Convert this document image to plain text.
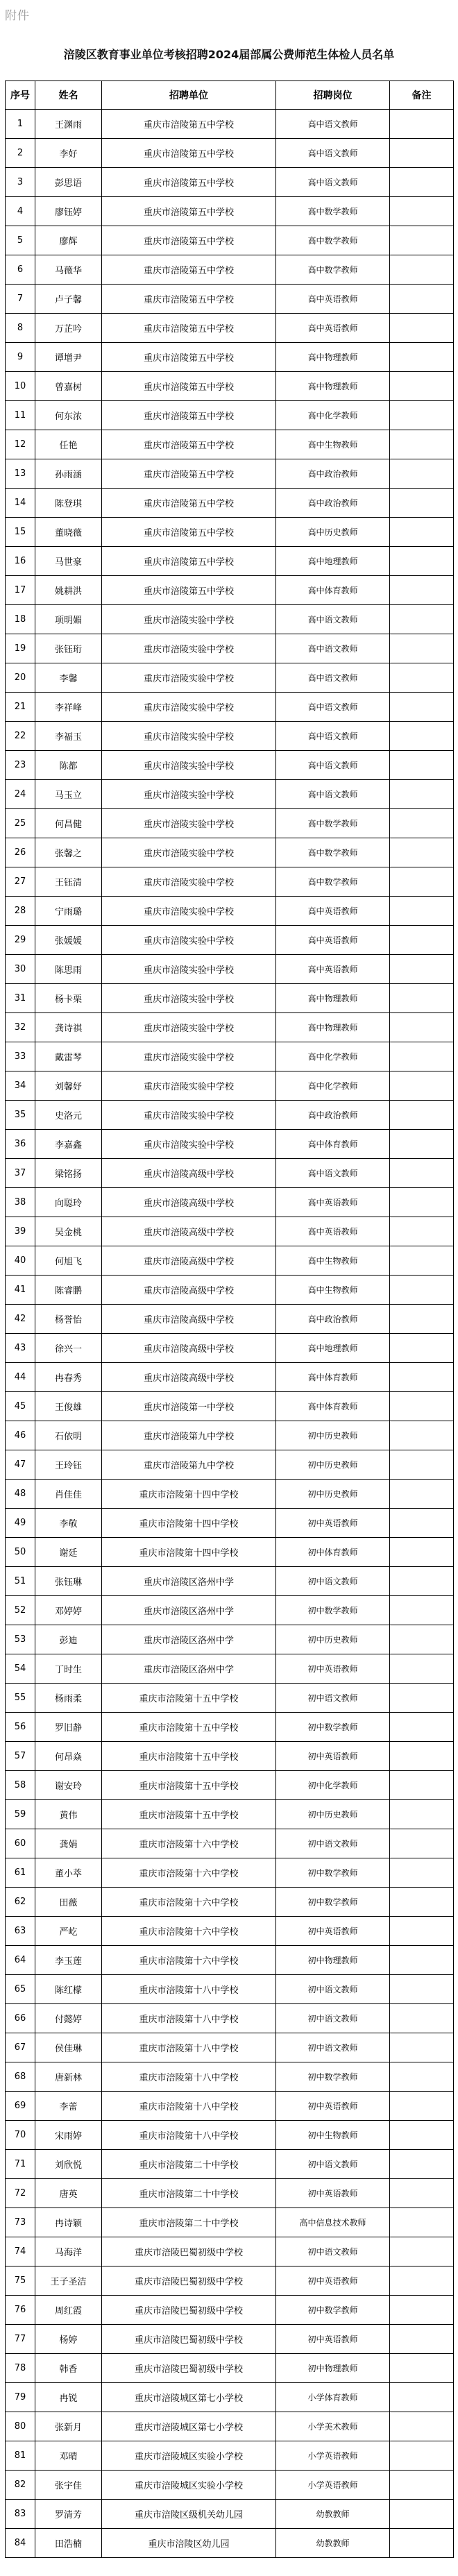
附件
涪陵区教育事业单位考核招聘2024届部属公费师范生体检人员名单
序号	姓名	招聘单位	招聘岗位	备注
1	王渊雨	重庆市涪陵第五中学校	高中语文教师	
2	李好	重庆市涪陵第五中学校	高中语文教师	
3	彭思语	重庆市涪陵第五中学校	高中语文教师	
4	廖钰婷	重庆市涪陵第五中学校	高中数学教师	
5	廖辉	重庆市涪陵第五中学校	高中数学教师	
6	马薇华	重庆市涪陵第五中学校	高中数学教师	
7	卢子馨	重庆市涪陵第五中学校	高中英语教师	
8	万芷吟	重庆市涪陵第五中学校	高中英语教师	
9	谭增尹	重庆市涪陵第五中学校	高中物理教师	
10	曾嘉树	重庆市涪陵第五中学校	高中物理教师	
11	何东浓	重庆市涪陵第五中学校	高中化学教师	
12	任艳	重庆市涪陵第五中学校	高中生物教师	
13	孙雨涵	重庆市涪陵第五中学校	高中政治教师	
14	陈登琪	重庆市涪陵第五中学校	高中政治教师	
15	董晓薇	重庆市涪陵第五中学校	高中历史教师	
16	马世豪	重庆市涪陵第五中学校	高中地理教师	
17	姚耕洪	重庆市涪陵第五中学校	高中体育教师	
18	项明媚	重庆市涪陵实验中学校	高中语文教师	
19	张钰珩	重庆市涪陵实验中学校	高中语文教师	
20	李馨	重庆市涪陵实验中学校	高中语文教师	
21	李祥峰	重庆市涪陵实验中学校	高中语文教师	
22	李福玉	重庆市涪陵实验中学校	高中语文教师	
23	陈都	重庆市涪陵实验中学校	高中语文教师	
24	马玉立	重庆市涪陵实验中学校	高中语文教师	
25	何昌健	重庆市涪陵实验中学校	高中数学教师	
26	张馨之	重庆市涪陵实验中学校	高中数学教师	
27	王钰清	重庆市涪陵实验中学校	高中数学教师	
28	宁雨璐	重庆市涪陵实验中学校	高中英语教师	
29	张媛媛	重庆市涪陵实验中学校	高中英语教师	
30	陈思雨	重庆市涪陵实验中学校	高中英语教师	
31	杨卡栗	重庆市涪陵实验中学校	高中物理教师	
32	龚诗祺	重庆市涪陵实验中学校	高中物理教师	
33	戴雷琴	重庆市涪陵实验中学校	高中化学教师	
34	刘馨妤	重庆市涪陵实验中学校	高中化学教师	
35	史洛元	重庆市涪陵实验中学校	高中政治教师	
36	李嘉鑫	重庆市涪陵实验中学校	高中体育教师	
37	梁铭扬	重庆市涪陵高级中学校	高中语文教师	
38	向聪玲	重庆市涪陵高级中学校	高中英语教师	
39	吴金桃	重庆市涪陵高级中学校	高中英语教师	
40	何旭飞	重庆市涪陵高级中学校	高中生物教师	
41	陈睿鹏	重庆市涪陵高级中学校	高中生物教师	
42	杨誉怡	重庆市涪陵高级中学校	高中政治教师	
43	徐兴一	重庆市涪陵高级中学校	高中地理教师	
44	冉春秀	重庆市涪陵高级中学校	高中体育教师	
45	王俊雄	重庆市涪陵第一中学校	高中体育教师	
46	石依明	重庆市涪陵第九中学校	初中历史教师	
47	王玲钰	重庆市涪陵第九中学校	初中历史教师	
48	肖佳佳	重庆市涪陵第十四中学校	初中历史教师	
49	李敬	重庆市涪陵第十四中学校	初中英语教师	
50	谢廷	重庆市涪陵第十四中学校	初中体育教师	
51	张钰琳	重庆市涪陵区洛州中学	初中语文教师	
52	邓婷婷	重庆市涪陵区洛州中学	初中数学教师	
53	彭迪	重庆市涪陵区洛州中学	初中历史教师	
54	丁时生	重庆市涪陵区洛州中学	初中英语教师	
55	杨雨柔	重庆市涪陵第十五中学校	初中语文教师	
56	罗旧静	重庆市涪陵第十五中学校	初中数学教师	
57	何昂焱	重庆市涪陵第十五中学校	初中英语教师	
58	谢安玲	重庆市涪陵第十五中学校	初中化学教师	
59	黄伟	重庆市涪陵第十五中学校	初中历史教师	
60	龚娟	重庆市涪陵第十六中学校	初中语文教师	
61	董小萃	重庆市涪陵第十六中学校	初中数学教师	
62	田薇	重庆市涪陵第十六中学校	初中数学教师	
63	严屹	重庆市涪陵第十六中学校	初中英语教师	
64	李玉莲	重庆市涪陵第十六中学校	初中物理教师	
65	陈红檬	重庆市涪陵第十八中学校	初中语文教师	
66	付懿婷	重庆市涪陵第十八中学校	初中语文教师	
67	侯佳琳	重庆市涪陵第十八中学校	初中语文教师	
68	唐新林	重庆市涪陵第十八中学校	初中数学教师	
69	李蕾	重庆市涪陵第十八中学校	初中英语教师	
70	宋雨婷	重庆市涪陵第十八中学校	初中生物教师	
71	刘欣悦	重庆市涪陵第二十中学校	初中语文教师	
72	唐英	重庆市涪陵第二十中学校	初中英语教师	
73	冉诗颖	重庆市涪陵第二十中学校	高中信息技术教师	
74	马海洋	重庆市涪陵巴蜀初级中学校	初中语文教师	
75	王子圣洁	重庆市涪陵巴蜀初级中学校	初中英语教师	
76	周红霞	重庆市涪陵巴蜀初级中学校	初中数学教师	
77	杨婷	重庆市涪陵巴蜀初级中学校	初中英语教师	
78	韩香	重庆市涪陵巴蜀初级中学校	初中物理教师	
79	冉锐	重庆市涪陵城区第七小学校	小学体育教师	
80	张新月	重庆市涪陵城区第七小学校	小学美术教师	
81	邓晴	重庆市涪陵城区实验小学校	小学英语教师	
82	张宇佳	重庆市涪陵城区实验小学校	小学英语教师	
83	罗清芳	重庆市涪陵区级机关幼儿园	幼教教师	
84	田浩楠	重庆市涪陵区幼儿园	幼教教师	
